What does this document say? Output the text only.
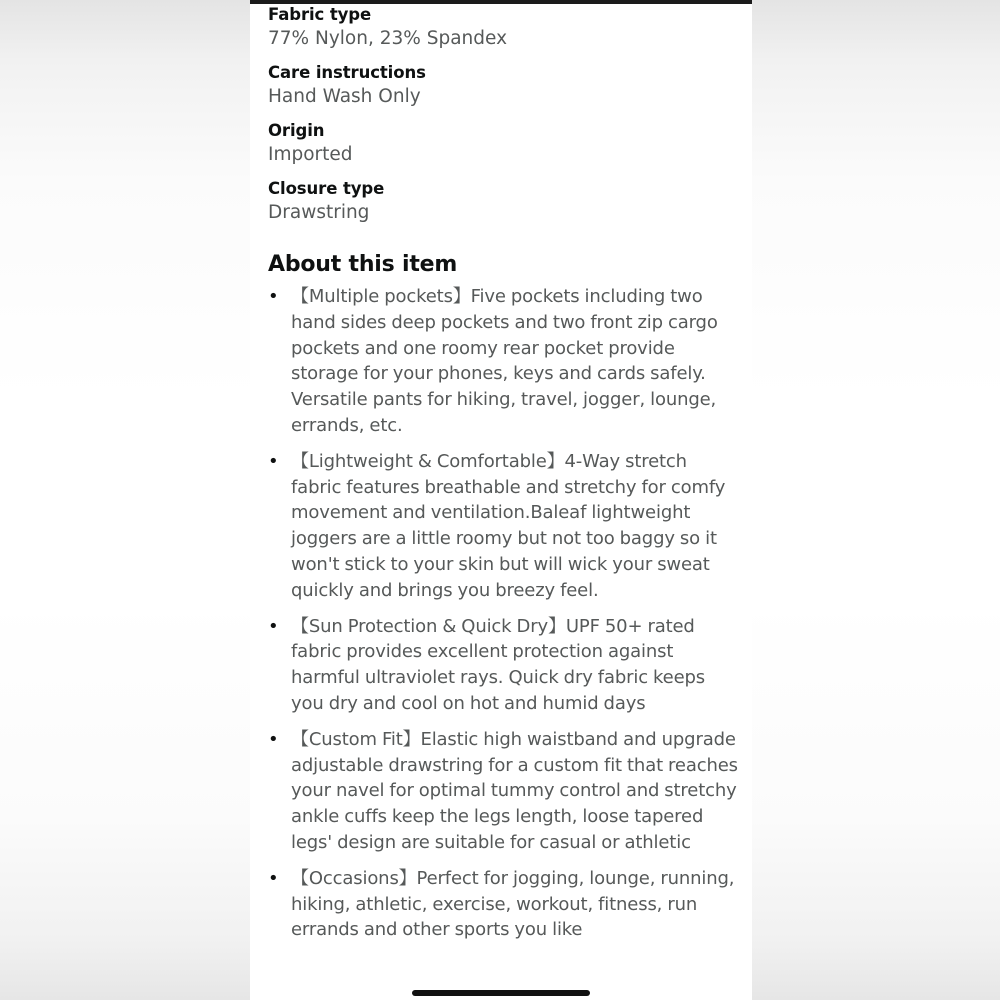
Fabric type
77% Nylon, 23% Spandex
Care instructions
Hand Wash Only
Origin
Imported
Closure type
Drawstring
About this item
• 【Multiple pockets】Five pockets including two hand sides deep pockets and two front zip cargo pockets and one roomy rear pocket provide storage for your phones, keys and cards safely. Versatile pants for hiking, travel, jogger, lounge, errands, etc.
• 【Lightweight & Comfortable】4-Way stretch fabric features breathable and stretchy for comfy movement and ventilation.Baleaf lightweight joggers are a little roomy but not too baggy so it won't stick to your skin but will wick your sweat quickly and brings you breezy feel.
• 【Sun Protection & Quick Dry】UPF 50+ rated fabric provides excellent protection against harmful ultraviolet rays. Quick dry fabric keeps you dry and cool on hot and humid days
• 【Custom Fit】Elastic high waistband and upgrade adjustable drawstring for a custom fit that reaches your navel for optimal tummy control and stretchy ankle cuffs keep the legs length, loose tapered legs' design are suitable for casual or athletic
• 【Occasions】Perfect for jogging, lounge, running, hiking, athletic, exercise, workout, fitness, run errands and other sports you like
